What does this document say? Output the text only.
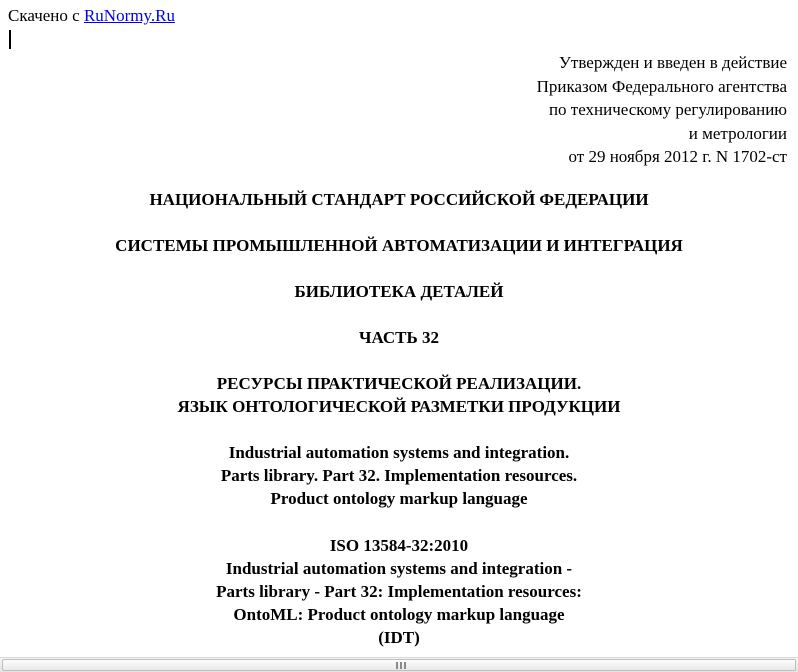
Скачено с RuNormy.Ru
Утвержден и введен в действие
Приказом Федерального агентства
по техническому регулированию
и метрологии
от 29 ноября 2012 г. N 1702-ст
НАЦИОНАЛЬНЫЙ СТАНДАРТ РОССИЙСКОЙ ФЕДЕРАЦИИ
СИСТЕМЫ ПРОМЫШЛЕННОЙ АВТОМАТИЗАЦИИ И ИНТЕГРАЦИЯ
БИБЛИОТЕКА ДЕТАЛЕЙ
ЧАСТЬ 32
РЕСУРСЫ ПРАКТИЧЕСКОЙ РЕАЛИЗАЦИИ.
ЯЗЫК ОНТОЛОГИЧЕСКОЙ РАЗМЕТКИ ПРОДУКЦИИ
Industrial automation systems and integration.
Parts library. Part 32. Implementation resources.
Product ontology markup language
ISO 13584-32:2010
Industrial automation systems and integration -
Parts library - Part 32: Implementation resources:
OntoML: Product ontology markup language
(IDT)
